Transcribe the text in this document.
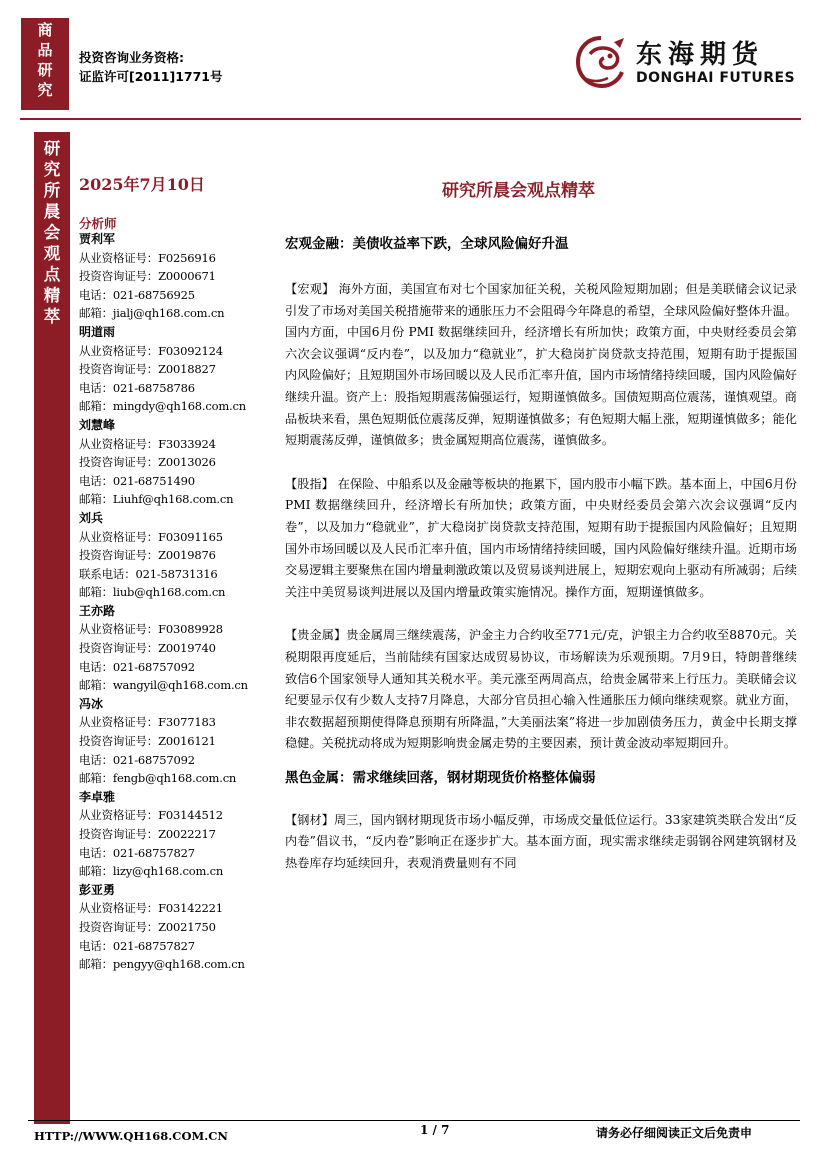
商
品
研
究
投资咨询业务资格:
证监许可[2011]1771号
东海期货
DONGHAI FUTURES
研
究
所
晨
会
观
点
精
萃
2025年7月10日	研究所晨会观点精萃
分析师
贾利军
从业资格证号：F0256916
投资咨询证号：Z0000671
电话：021-68756925
邮箱：jialj@qh168.com.cn
明道雨
从业资格证号：F03092124
投资咨询证号：Z0018827
电话：021-68758786
邮箱：mingdy@qh168.com.cn
刘慧峰
从业资格证号：F3033924
投资咨询证号：Z0013026
电话：021-68751490
邮箱：Liuhf@qh168.com.cn
刘兵
从业资格证号：F03091165
投资咨询证号：Z0019876
联系电话：021-58731316
邮箱：liub@qh168.com.cn
王亦路
从业资格证号：F03089928
投资咨询证号：Z0019740
电话：021-68757092
邮箱：wangyil@qh168.com.cn
冯冰
从业资格证号：F3077183
投资咨询证号：Z0016121
电话：021-68757092
邮箱：fengb@qh168.com.cn
李卓雅
从业资格证号：F03144512
投资咨询证号：Z0022217
电话：021-68757827
邮箱：lizy@qh168.com.cn
彭亚勇
从业资格证号：F03142221
投资咨询证号：Z0021750
电话：021-68757827
邮箱：pengyy@qh168.com.cn
宏观金融：美债收益率下跌，全球风险偏好升温

【宏观】 海外方面，美国宣布对七个国家加征关税，关税风险短期加剧；但是美联储会议记录引发了市场对美国关税措施带来的通胀压力不会阻碍今年降息的希望，全球风险偏好整体升温。国内方面，中国6月份 PMI 数据继续回升，经济增长有所加快；政策方面，中央财经委员会第六次会议强调“反内卷”，以及加力“稳就业”，扩大稳岗扩岗贷款支持范围，短期有助于提振国内风险偏好；且短期国外市场回暖以及人民币汇率升值，国内市场情绪持续回暖，国内风险偏好继续升温。资产上：股指短期震荡偏强运行，短期谨慎做多。国债短期高位震荡，谨慎观望。商品板块来看，黑色短期低位震荡反弹，短期谨慎做多；有色短期大幅上涨，短期谨慎做多；能化短期震荡反弹，谨慎做多；贵金属短期高位震荡，谨慎做多。

【股指】 在保险、中船系以及金融等板块的拖累下，国内股市小幅下跌。基本面上，中国6月份 PMI 数据继续回升，经济增长有所加快；政策方面，中央财经委员会第六次会议强调“反内卷”，以及加力“稳就业”，扩大稳岗扩岗贷款支持范围，短期有助于提振国内风险偏好；且短期国外市场回暖以及人民币汇率升值，国内市场情绪持续回暖，国内风险偏好继续升温。近期市场交易逻辑主要聚焦在国内增量刺激政策以及贸易谈判进展上，短期宏观向上驱动有所减弱；后续关注中美贸易谈判进展以及国内增量政策实施情况。操作方面，短期谨慎做多。

【贵金属】贵金属周三继续震荡，沪金主力合约收至771元/克，沪银主力合约收至8870元。关税期限再度延后，当前陆续有国家达成贸易协议，市场解读为乐观预期。7月9日，特朗普继续致信6个国家领导人通知其关税水平。美元涨至两周高点，给贵金属带来上行压力。美联储会议纪要显示仅有少数人支持7月降息，大部分官员担心输入性通胀压力倾向继续观察。就业方面，非农数据超预期使得降息预期有所降温，”大美丽法案”将进一步加剧债务压力，黄金中长期支撑稳健。关税扰动将成为短期影响贵金属走势的主要因素，预计黄金波动率短期回升。

黑色金属：需求继续回落，钢材期现货价格整体偏弱

【钢材】周三，国内钢材期现货市场小幅反弹，市场成交量低位运行。33家建筑类联合发出“反内卷”倡议书，“反内卷”影响正在逐步扩大。基本面方面，现实需求继续走弱钢谷网建筑钢材及热卷库存均延续回升，表观消费量则有不同

HTTP://WWW.QH168.COM.CN	1 / 7	请务必仔细阅读正文后免责申
